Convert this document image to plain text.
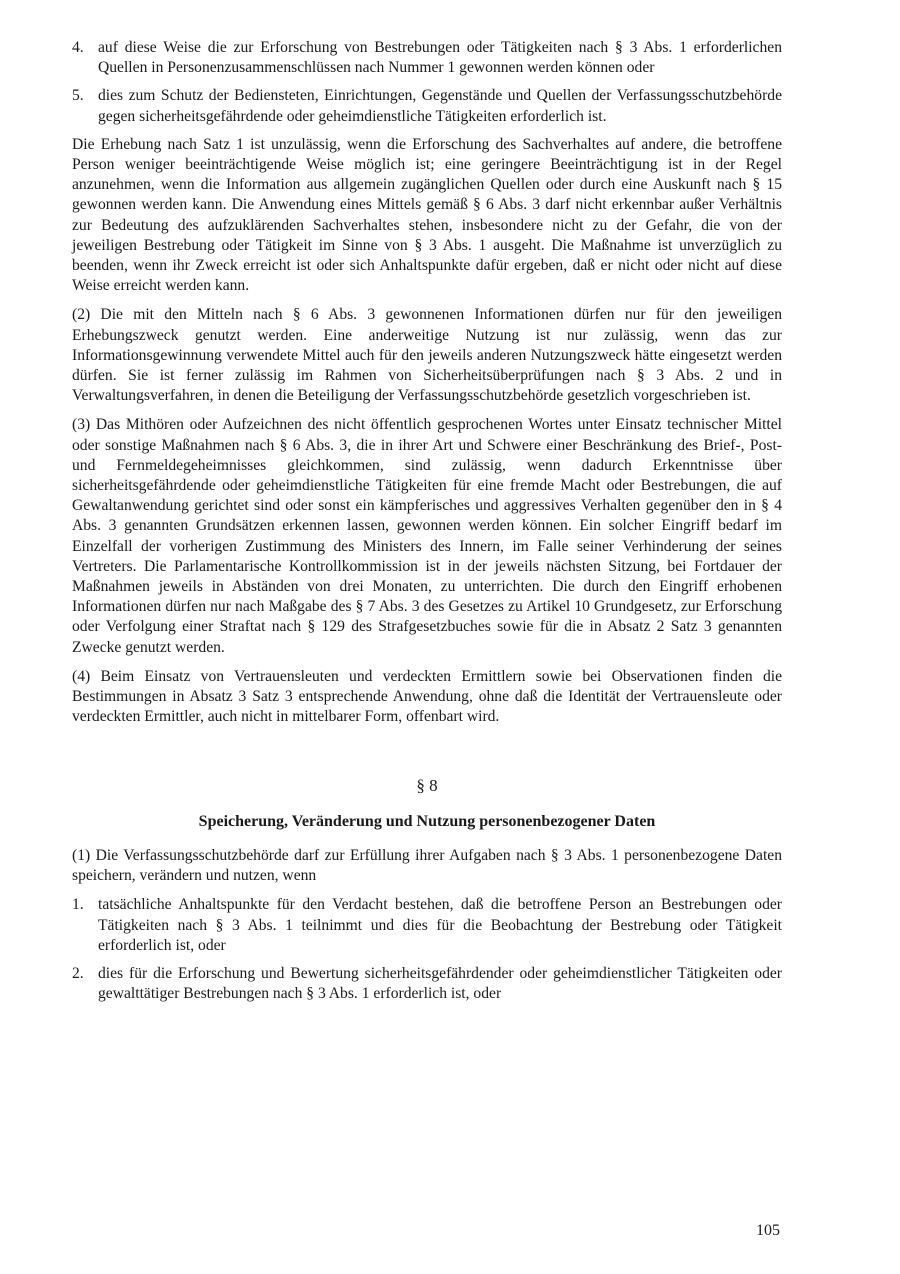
4. auf diese Weise die zur Erforschung von Bestrebungen oder Tätigkeiten nach § 3 Abs. 1 erforderlichen Quellen in Personenzusammenschlüssen nach Nummer 1 gewonnen werden können oder
5. dies zum Schutz der Bediensteten, Einrichtungen, Gegenstände und Quellen der Verfassungsschutzbehörde gegen sicherheitsgefährdende oder geheimdienstliche Tätigkeiten erforderlich ist.

Die Erhebung nach Satz 1 ist unzulässig, wenn die Erforschung des Sachverhaltes auf andere, die betroffene Person weniger beeinträchtigende Weise möglich ist; eine geringere Beeinträchtigung ist in der Regel anzunehmen, wenn die Information aus allgemein zugänglichen Quellen oder durch eine Auskunft nach § 15 gewonnen werden kann. Die Anwendung eines Mittels gemäß § 6 Abs. 3 darf nicht erkennbar außer Verhältnis zur Bedeutung des aufzuklärenden Sachverhaltes stehen, insbesondere nicht zu der Gefahr, die von der jeweiligen Bestrebung oder Tätigkeit im Sinne von § 3 Abs. 1 ausgeht. Die Maßnahme ist unverzüglich zu beenden, wenn ihr Zweck erreicht ist oder sich Anhaltspunkte dafür ergeben, daß er nicht oder nicht auf diese Weise erreicht werden kann.

(2) Die mit den Mitteln nach § 6 Abs. 3 gewonnenen Informationen dürfen nur für den jeweiligen Erhebungszweck genutzt werden. Eine anderweitige Nutzung ist nur zulässig, wenn das zur Informationsgewinnung verwendete Mittel auch für den jeweils anderen Nutzungszweck hätte eingesetzt werden dürfen. Sie ist ferner zulässig im Rahmen von Sicherheitsüberprüfungen nach § 3 Abs. 2 und in Verwaltungsverfahren, in denen die Beteiligung der Verfassungsschutzbehörde gesetzlich vorgeschrieben ist.

(3) Das Mithören oder Aufzeichnen des nicht öffentlich gesprochenen Wortes unter Einsatz technischer Mittel oder sonstige Maßnahmen nach § 6 Abs. 3, die in ihrer Art und Schwere einer Beschränkung des Brief-, Post- und Fernmeldegeheimnisses gleichkommen, sind zulässig, wenn dadurch Erkenntnisse über sicherheitsgefährdende oder geheimdienstliche Tätigkeiten für eine fremde Macht oder Bestrebungen, die auf Gewaltanwendung gerichtet sind oder sonst ein kämpferisches und aggressives Verhalten gegenüber den in § 4 Abs. 3 genannten Grundsätzen erkennen lassen, gewonnen werden können. Ein solcher Eingriff bedarf im Einzelfall der vorherigen Zustimmung des Ministers des Innern, im Falle seiner Verhinderung der seines Vertreters. Die Parlamentarische Kontrollkommission ist in der jeweils nächsten Sitzung, bei Fortdauer der Maßnahmen jeweils in Abständen von drei Monaten, zu unterrichten. Die durch den Eingriff erhobenen Informationen dürfen nur nach Maßgabe des § 7 Abs. 3 des Gesetzes zu Artikel 10 Grundgesetz, zur Erforschung oder Verfolgung einer Straftat nach § 129 des Strafgesetzbuches sowie für die in Absatz 2 Satz 3 genannten Zwecke genutzt werden.

(4) Beim Einsatz von Vertrauensleuten und verdeckten Ermittlern sowie bei Observationen finden die Bestimmungen in Absatz 3 Satz 3 entsprechende Anwendung, ohne daß die Identität der Vertrauensleute oder verdeckten Ermittler, auch nicht in mittelbarer Form, offenbart wird.

§ 8
Speicherung, Veränderung und Nutzung personenbezogener Daten

(1) Die Verfassungsschutzbehörde darf zur Erfüllung ihrer Aufgaben nach § 3 Abs. 1 personenbezogene Daten speichern, verändern und nutzen, wenn

1. tatsächliche Anhaltspunkte für den Verdacht bestehen, daß die betroffene Person an Bestrebungen oder Tätigkeiten nach § 3 Abs. 1 teilnimmt und dies für die Beobachtung der Bestrebung oder Tätigkeit erforderlich ist, oder
2. dies für die Erforschung und Bewertung sicherheitsgefährdender oder geheimdienstlicher Tätigkeiten oder gewalttätiger Bestrebungen nach § 3 Abs. 1 erforderlich ist, oder
105
